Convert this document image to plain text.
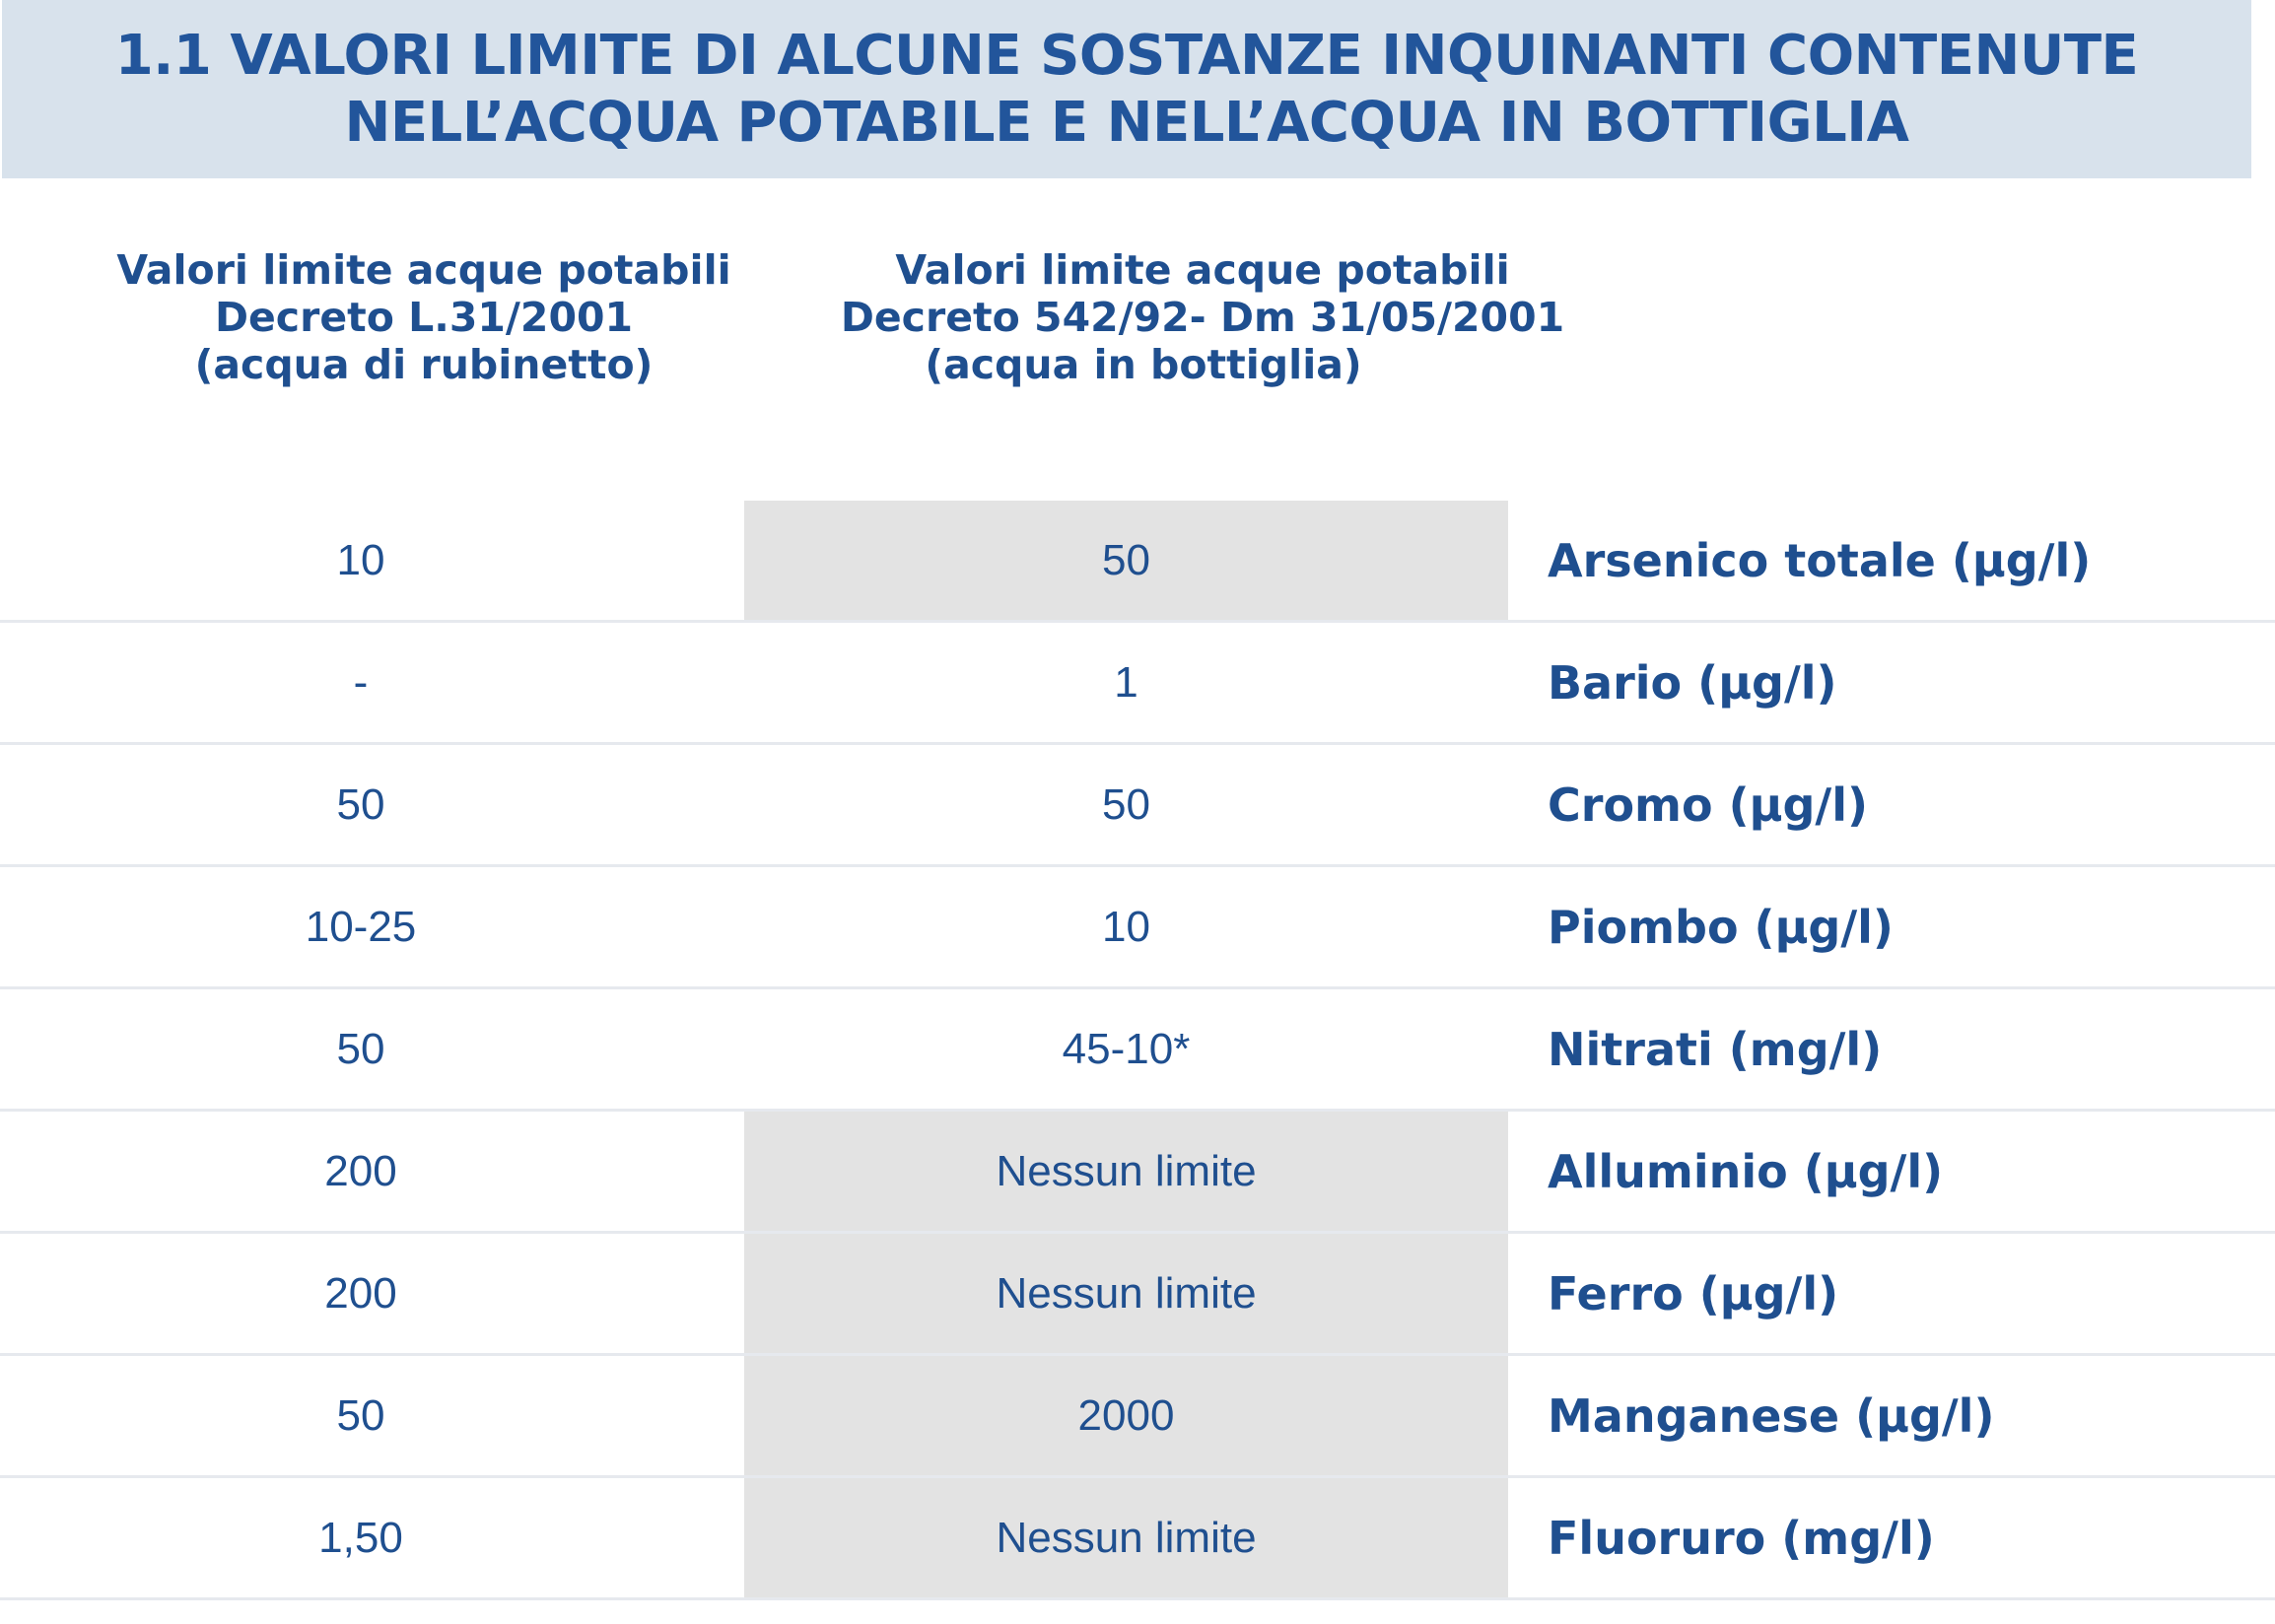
1.1 VALORI LIMITE DI ALCUNE SOSTANZE INQUINANTI CONTENUTE
NELL’ACQUA POTABILE E NELL’ACQUA IN BOTTIGLIA
Valori limite acque potabili
Decreto L.31/2001
(acqua di rubinetto)
Valori limite acque potabili
Decreto 542/92- Dm 31/05/2001
(acqua in bottiglia)
10	50	Arsenico totale (µg/l)
-	1	Bario (µg/l)
50	50	Cromo (µg/l)
10-25	10	Piombo (µg/l)
50	45-10*	Nitrati (mg/l)
200	Nessun limite	Alluminio (µg/l)
200	Nessun limite	Ferro (µg/l)
50	2000	Manganese (µg/l)
1,50	Nessun limite	Fluoruro (mg/l)
